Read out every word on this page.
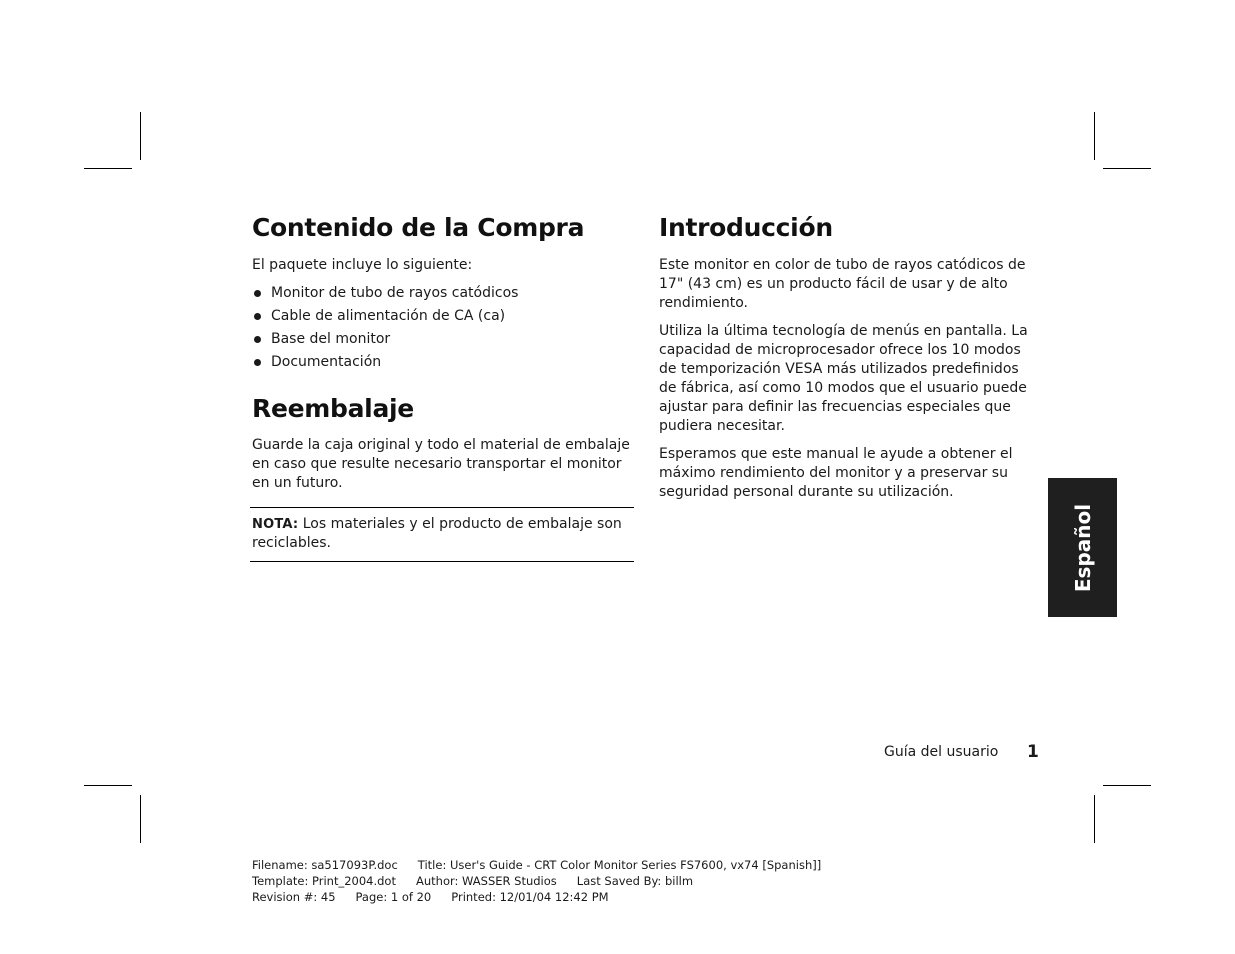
Contenido de la Compra

El paquete incluye lo siguiente:

Monitor de tubo de rayos catódicos
Cable de alimentación de CA (ca)
Base del monitor
Documentación
Reembalaje

Guarde la caja original y todo el material de embalaje en caso que resulte necesario transportar el monitor en un futuro.

NOTA: Los materiales y el producto de embalaje son reciclables.

Introducción

Este monitor en color de tubo de rayos catódicos de 17" (43 cm) es un producto fácil de usar y de alto rendimiento.

Utiliza la última tecnología de menús en pantalla. La capacidad de microprocesador ofrece los 10 modos de temporización VESA más utilizados predefinidos de fábrica, así como 10 modos que el usuario puede ajustar para definir las frecuencias especiales que pudiera necesitar.

Esperamos que este manual le ayude a obtener el máximo rendimiento del monitor y a preservar su seguridad personal durante su utilización.

Español
Guía del usuario 1
Filename: sa517093P.doc Title: User's Guide - CRT Color Monitor Series FS7600, vx74 [Spanish]]
Template: Print_2004.dot Author: WASSER Studios Last Saved By: billm
Revision #: 45 Page: 1 of 20 Printed: 12/01/04 12:42 PM
